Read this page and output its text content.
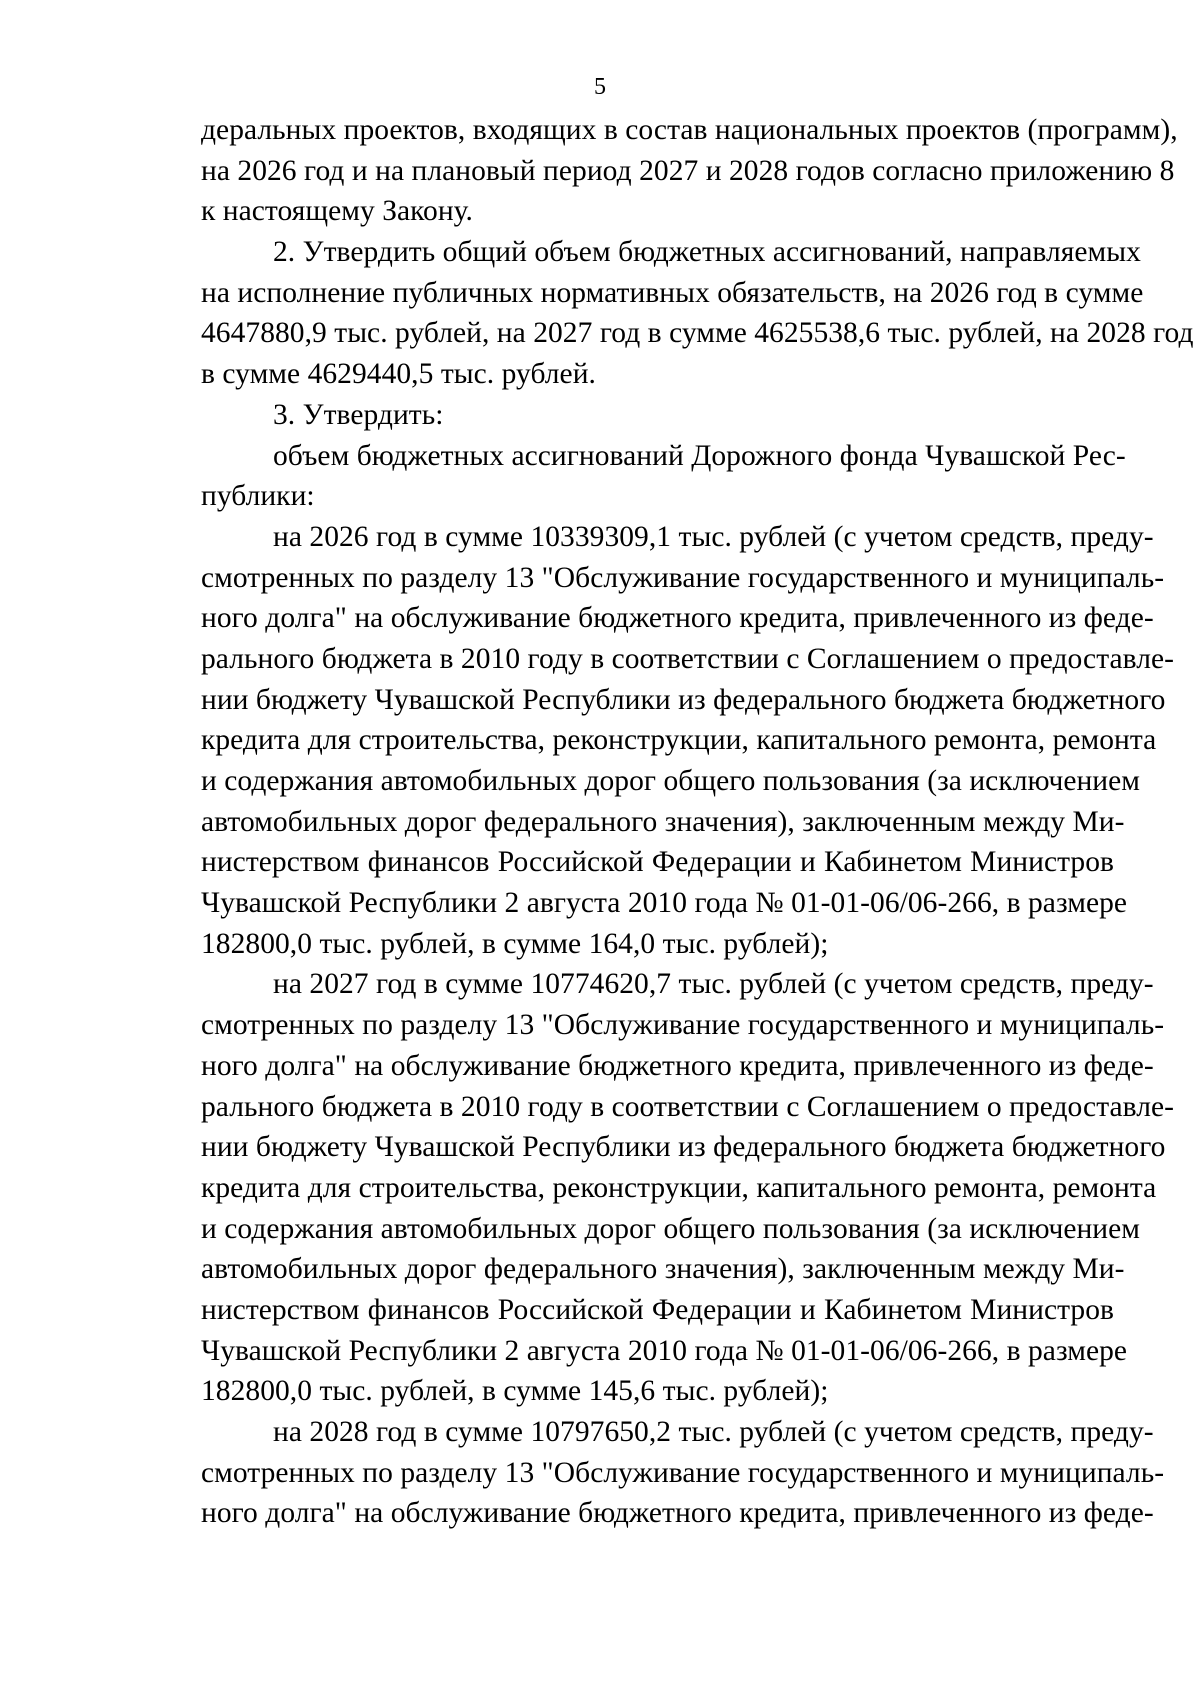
5
деральных проектов, входящих в состав национальных проектов (программ),
на 2026 год и на плановый период 2027 и 2028 годов согласно приложению 8
к настоящему Закону.
2. Утвердить общий объем бюджетных ассигнований, направляемых
на исполнение публичных нормативных обязательств, на 2026 год в сумме
4647880,9 тыс. рублей, на 2027 год в сумме 4625538,6 тыс. рублей, на 2028 год
в сумме 4629440,5 тыс. рублей.
3. Утвердить:
объем бюджетных ассигнований Дорожного фонда Чувашской Рес-
публики:
на 2026 год в сумме 10339309,1 тыс. рублей (с учетом средств, преду-
смотренных по разделу 13 "Обслуживание государственного и муниципаль-
ного долга" на обслуживание бюджетного кредита, привлеченного из феде-
рального бюджета в 2010 году в соответствии с Соглашением о предоставле-
нии бюджету Чувашской Республики из федерального бюджета бюджетного
кредита для строительства, реконструкции, капитального ремонта, ремонта
и содержания автомобильных дорог общего пользования (за исключением
автомобильных дорог федерального значения), заключенным между Ми-
нистерством финансов Российской Федерации и Кабинетом Министров
Чувашской Республики 2 августа 2010 года № 01-01-06/06-266, в размере
182800,0 тыс. рублей, в сумме 164,0 тыс. рублей);
на 2027 год в сумме 10774620,7 тыс. рублей (с учетом средств, преду-
смотренных по разделу 13 "Обслуживание государственного и муниципаль-
ного долга" на обслуживание бюджетного кредита, привлеченного из феде-
рального бюджета в 2010 году в соответствии с Соглашением о предоставле-
нии бюджету Чувашской Республики из федерального бюджета бюджетного
кредита для строительства, реконструкции, капитального ремонта, ремонта
и содержания автомобильных дорог общего пользования (за исключением
автомобильных дорог федерального значения), заключенным между Ми-
нистерством финансов Российской Федерации и Кабинетом Министров
Чувашской Республики 2 августа 2010 года № 01-01-06/06-266, в размере
182800,0 тыс. рублей, в сумме 145,6 тыс. рублей);
на 2028 год в сумме 10797650,2 тыс. рублей (с учетом средств, преду-
смотренных по разделу 13 "Обслуживание государственного и муниципаль-
ного долга" на обслуживание бюджетного кредита, привлеченного из феде-
